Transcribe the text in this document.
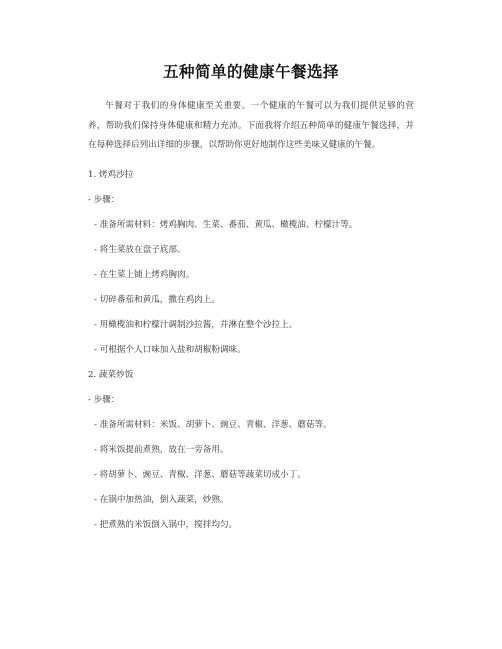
五种简单的健康午餐选择

午餐对于我们的身体健康至关重要。一个健康的午餐可以为我们提供足够的营养，帮助我们保持身体健康和精力充沛。下面我将介绍五种简单的健康午餐选择，并在每种选择后列出详细的步骤，以帮助你更好地制作这些美味又健康的午餐。

1. 烤鸡沙拉

- 步骤：

- 准备所需材料：烤鸡胸肉、生菜、番茄、黄瓜、橄榄油、柠檬汁等。

- 将生菜放在盘子底部。

- 在生菜上铺上烤鸡胸肉。

- 切碎番茄和黄瓜，撒在鸡肉上。

- 用橄榄油和柠檬汁调制沙拉酱，并淋在整个沙拉上。

- 可根据个人口味加入盐和胡椒粉调味。

2. 蔬菜炒饭

- 步骤：

- 准备所需材料：米饭、胡萝卜、豌豆、青椒、洋葱、蘑菇等。

- 将米饭提前煮熟，放在一旁备用。

- 将胡萝卜、豌豆、青椒、洋葱、蘑菇等蔬菜切成小丁。

- 在锅中加热油，倒入蔬菜，炒熟。

- 把煮熟的米饭倒入锅中，搅拌均匀。
